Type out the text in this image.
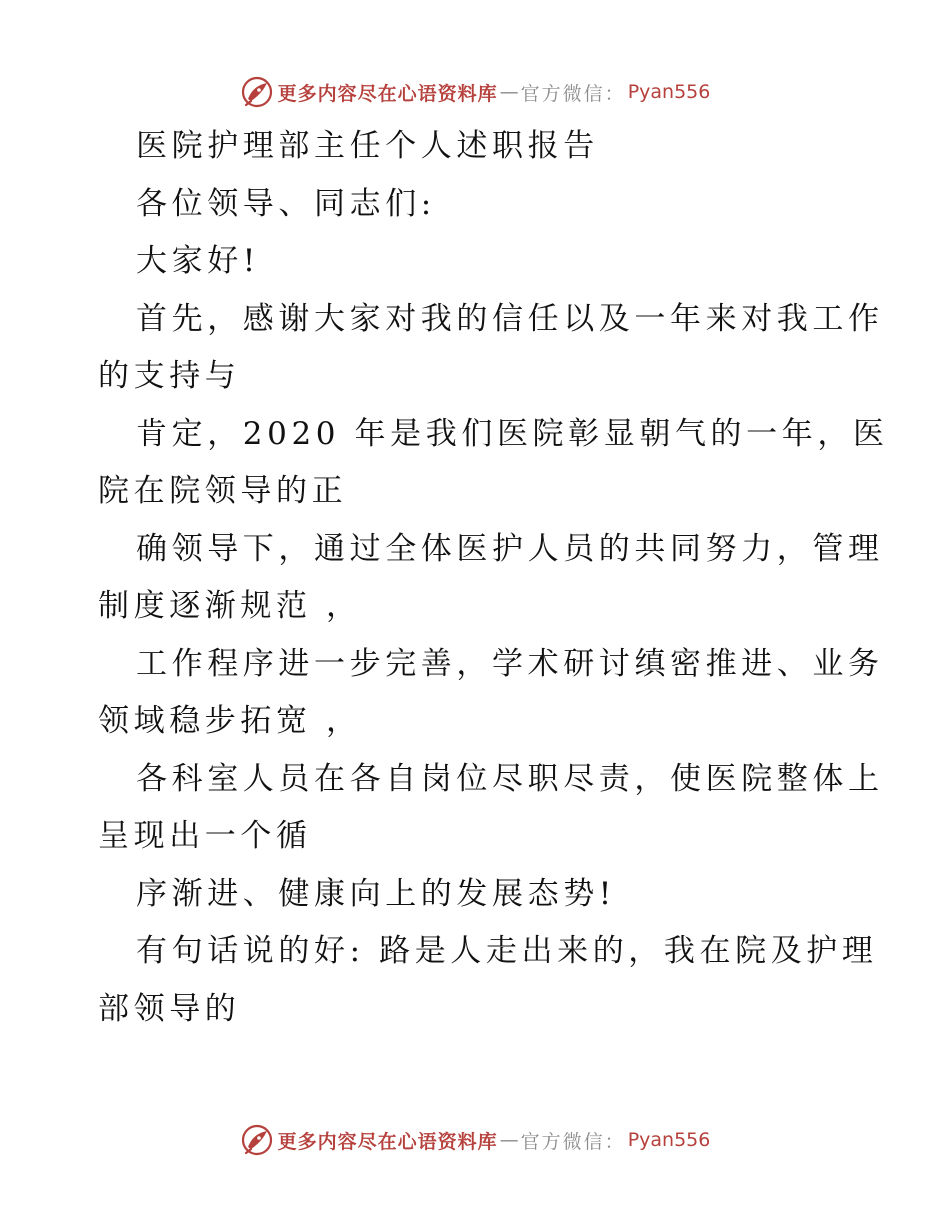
更多内容尽在心语资料库 — 官方微信： Pyan556
医院护理部主任个人述职报告
各位领导、同志们:
大家好!
首先，感谢大家对我的信任以及一年来对我工作
的支持与
肯定，2020 年是我们医院彰显朝气的一年，医
院在院领导的正
确领导下，通过全体医护人员的共同努力，管理
制度逐渐规范 ，
工作程序进一步完善，学术研讨缜密推进、业务
领域稳步拓宽 ，
各科室人员在各自岗位尽职尽责，使医院整体上
呈现出一个循
序渐进、健康向上的发展态势!
有句话说的好: 路是人走出来的，我在院及护理
部领导的
更多内容尽在心语资料库 — 官方微信： Pyan556
